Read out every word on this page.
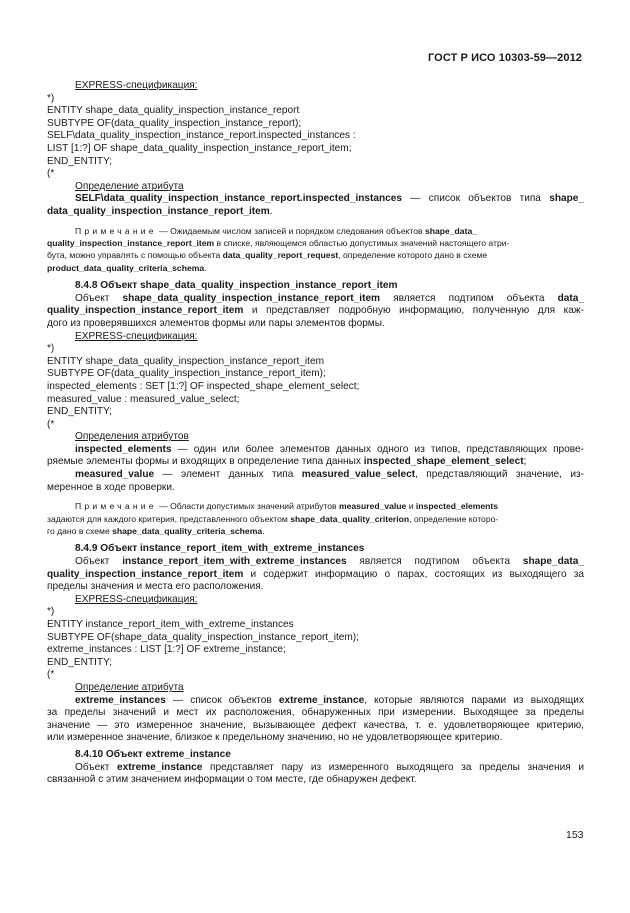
ГОСТ Р ИСО 10303-59—2012
EXPRESS-спецификация:
*)
ENTITY shape_data_quality_inspection_instance_report
SUBTYPE OF(data_quality_inspection_instance_report);
SELF\data_quality_inspection_instance_report.inspected_instances :
LIST [1:?] OF shape_data_quality_inspection_instance_report_item;
END_ENTITY;
(*
Определение атрибута
SELF\data_quality_inspection_instance_report.inspected_instances — список объектов типа shape_
data_quality_inspection_instance_report_item.

Примечание — Ожидаемым числом записей и порядком следования объектов shape_data_
quality_inspection_instance_report_item в списке, являющемся областью допустимых значений настоящего атри-
бута, можно управлять с помощью объекта data_quality_report_request, определение которого дано в схеме
product_data_quality_criteria_schema.

8.4.8 Объект shape_data_quality_inspection_instance_report_item
Объект shape_data_quality_inspection_instance_report_item является подтипом объекта data_
quality_inspection_instance_report_item и представляет подробную информацию, полученную для каж-
дого из проверявшихся элементов формы или пары элементов формы.
EXPRESS-спецификация:
*)
ENTITY shape_data_quality_inspection_instance_report_item
SUBTYPE OF(data_quality_inspection_instance_report_item);
inspected_elements : SET [1:?] OF inspected_shape_element_select;
measured_value : measured_value_select;
END_ENTITY;
(*
Определения атрибутов
inspected_elements — один или более элементов данных одного из типов, представляющих прове-
ряемые элементы формы и входящих в определение типа данных inspected_shape_element_select;
measured_value — элемент данных типа measured_value_select, представляющий значение, из-
меренное в ходе проверки.

Примечание — Области допустимых значений атрибутов measured_value и inspected_elements
задаются для каждого критерия, представленного объектом shape_data_quality_criterion, определение которо-
го дано в схеме shape_data_quality_criteria_schema.

8.4.9 Объект instance_report_item_with_extreme_instances
Объект instance_report_item_with_extreme_instances является подтипом объекта shape_data_
quality_inspection_instance_report_item и содержит информацию о парах, состоящих из выходящего за
пределы значения и места его расположения.
EXPRESS-спецификация:
*)
ENTITY instance_report_item_with_extreme_instances
SUBTYPE OF(shape_data_quality_inspection_instance_report_item);
extreme_instances : LIST [1:?] OF extreme_instance;
END_ENTITY;
(*
Определение атрибута
extreme_instances — список объектов extreme_instance, которые являются парами из выходящих
за пределы значений и мест их расположения, обнаруженных при измерении. Выходящее за пределы
значение — это измеренное значение, вызывающее дефект качества, т. е. удовлетворяющее критерию,
или измеренное значение, близкое к предельному значению, но не удовлетворяющее критерию.
8.4.10 Объект extreme_instance
Объект extreme_instance представляет пару из измеренного выходящего за пределы значения и
связанной с этим значением информации о том месте, где обнаружен дефект.
153
